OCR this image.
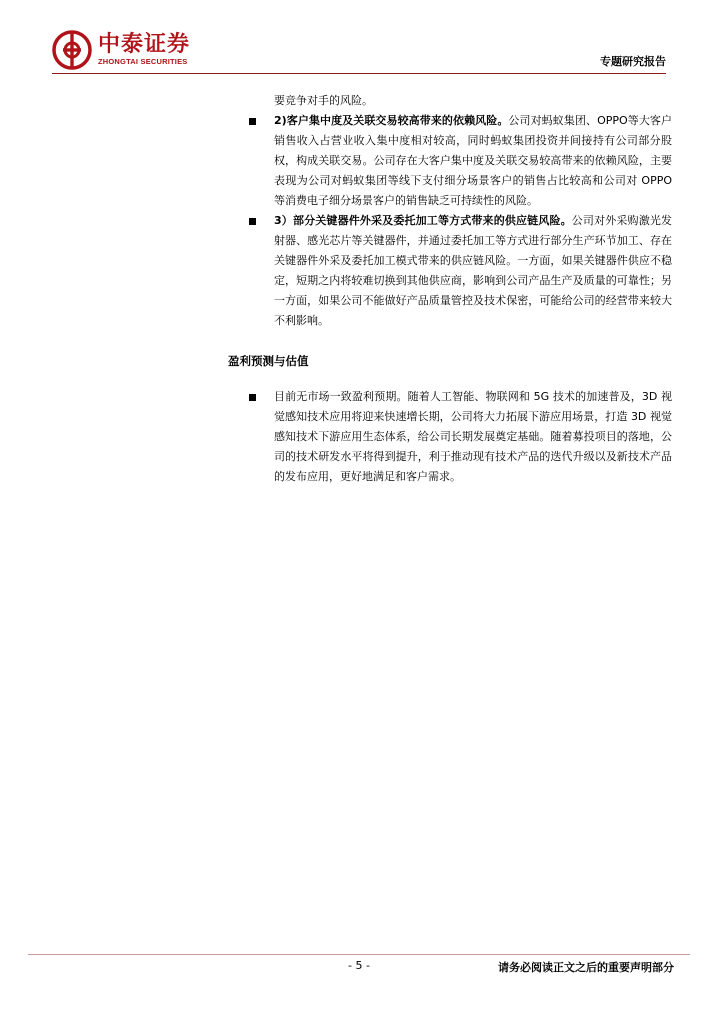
中泰证券
ZHONGTAI SECURITIES	专题研究报告
要竞争对手的风险。
2)客户集中度及关联交易较高带来的依赖风险。公司对蚂蚁集团、OPPO等大客户销售收入占营业收入集中度相对较高，同时蚂蚁集团投资并间接持有公司部分股权，构成关联交易。公司存在大客户集中度及关联交易较高带来的依赖风险，主要表现为公司对蚂蚁集团等线下支付细分场景客户的销售占比较高和公司对 OPPO 等消费电子细分场景客户的销售缺乏可持续性的风险。
3）部分关键器件外采及委托加工等方式带来的供应链风险。公司对外采购激光发射器、感光芯片等关键器件，并通过委托加工等方式进行部分生产环节加工、存在关键器件外采及委托加工模式带来的供应链风险。一方面，如果关键器件供应不稳定，短期之内将较难切换到其他供应商，影响到公司产品生产及质量的可靠性；另一方面，如果公司不能做好产品质量管控及技术保密，可能给公司的经营带来较大不利影响。
盈利预测与估值
目前无市场一致盈利预期。随着人工智能、物联网和 5G 技术的加速普及，3D 视觉感知技术应用将迎来快速增长期，公司将大力拓展下游应用场景，打造 3D 视觉感知技术下游应用生态体系，给公司长期发展奠定基础。随着募投项目的落地，公司的技术研发水平将得到提升，利于推动现有技术产品的迭代升级以及新技术产品的发布应用，更好地满足和客户需求。
- 5 -	请务必阅读正文之后的重要声明部分
